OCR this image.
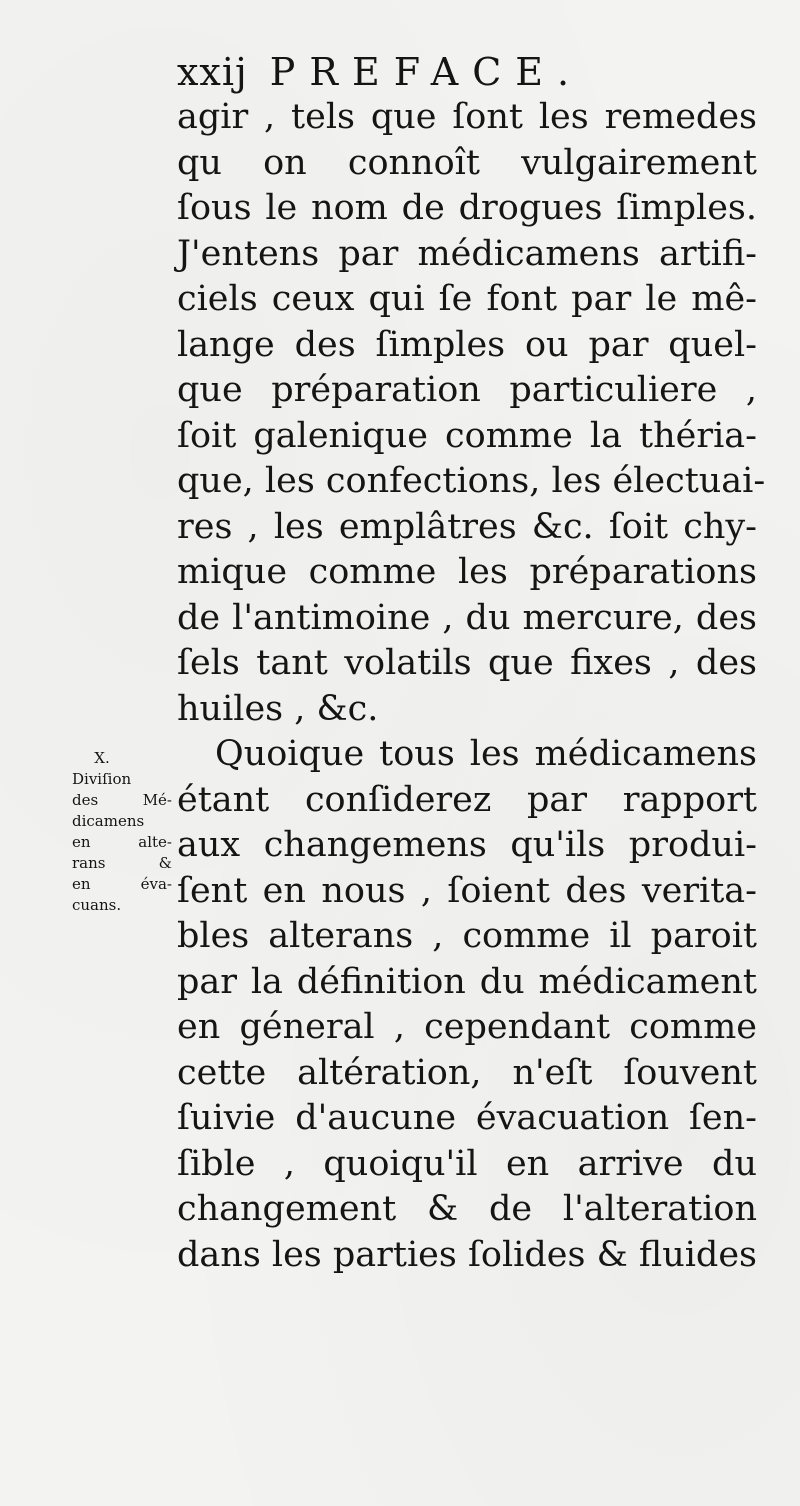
xxij PREFACE.
agir , tels que ſont les remedes
qu on connoît vulgairement
ſous le nom de drogues ſimples.
J'entens par médicamens artifi-
ciels ceux qui ſe font par le mê-
lange des ſimples ou par quel-
que préparation particuliere ,
ſoit galenique comme la théria-
que, les confections, les électuai-
res , les emplâtres &c. ſoit chy-
mique comme les préparations
de l'antimoine , du mercure, des
ſels tant volatils que fixes , des
huiles , &c.
Quoique tous les médicamens
étant conſiderez par rapport
aux changemens qu'ils produi-
ſent en nous , ſoient des verita-
bles alterans , comme il paroit
par la définition du médicament
en géneral , cependant comme
cette altération, n'eſt ſouvent
ſuivie d'aucune évacuation ſen-
ſible , quoiqu'il en arrive du
changement & de l'alteration
dans les parties ſolides & fluides
X.
Diviſion
des Mé-
dicamens
en alte-
rans &
en éva-
cuans.
